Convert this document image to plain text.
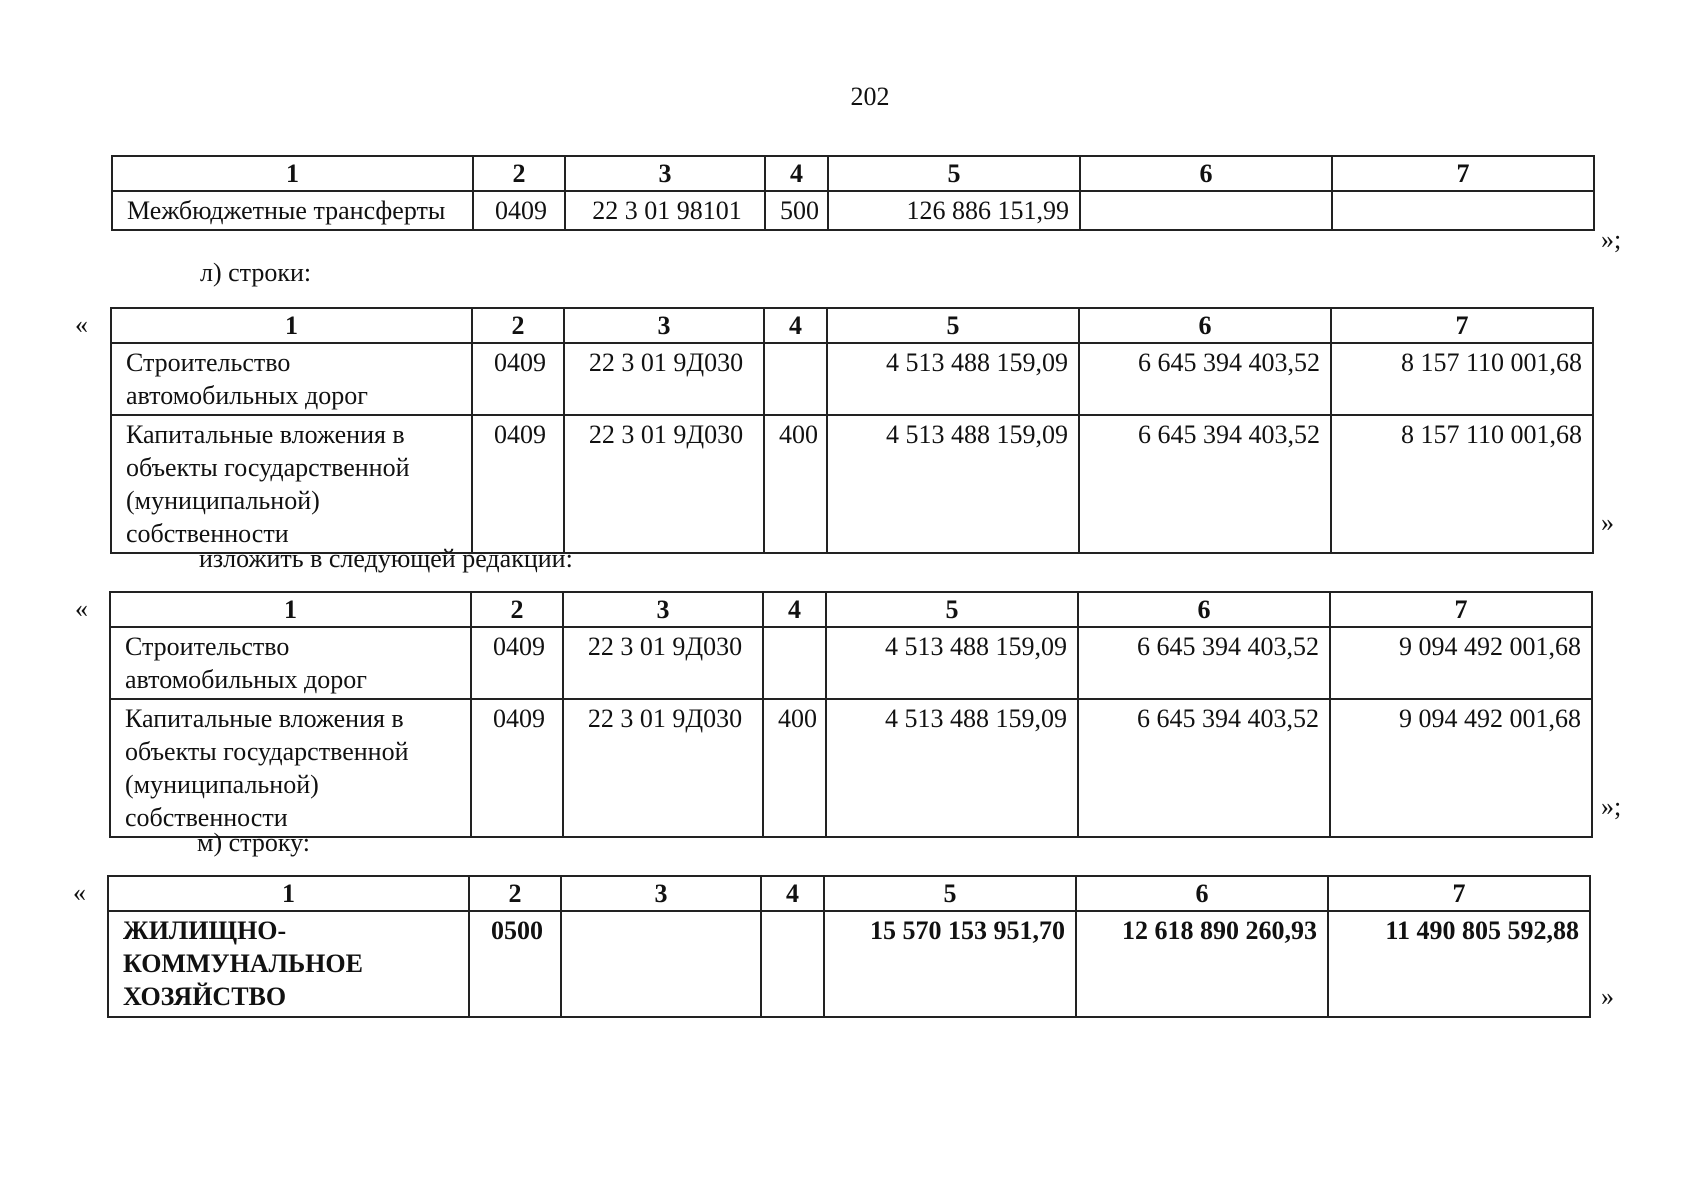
202
1	2	3	4	5	6	7
Межбюджетные трансферты	0409	22 3 01 98101	500	126 886 151,99		
»;
л) строки:
«	1	2	3	4	5	6	7
Строительство автомобильных дорог	0409	22 3 01 9Д030		4 513 488 159,09	6 645 394 403,52	8 157 110 001,68
Капитальные вложения в объекты государственной (муниципальной) собственности	0409	22 3 01 9Д030	400	4 513 488 159,09	6 645 394 403,52	8 157 110 001,68
»
изложить в следующей редакции:
«	1	2	3	4	5	6	7
Строительство автомобильных дорог	0409	22 3 01 9Д030		4 513 488 159,09	6 645 394 403,52	9 094 492 001,68
Капитальные вложения в объекты государственной (муниципальной) собственности	0409	22 3 01 9Д030	400	4 513 488 159,09	6 645 394 403,52	9 094 492 001,68
»;
м) строку:
«	1	2	3	4	5	6	7
ЖИЛИЩНО-КОММУНАЛЬНОЕ ХОЗЯЙСТВО	0500			15 570 153 951,70	12 618 890 260,93	11 490 805 592,88
»
